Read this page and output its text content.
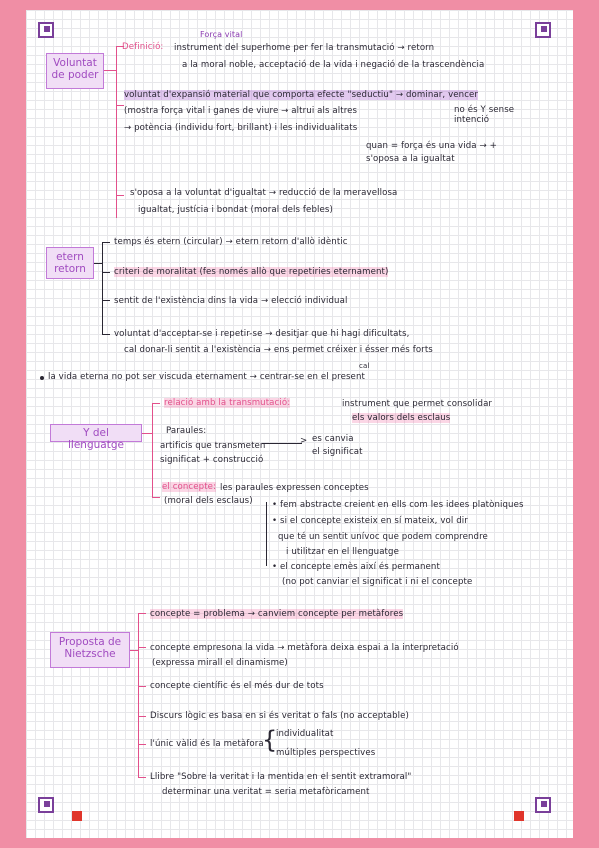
Voluntat de poder
Força vital
Definició: instrument del superhome per fer la transmutació → retorn
a la moral noble, acceptació de la vida i negació de la trascendència
voluntat d'expansió material que comporta efecte "seductiu" → dominar, vencer
(mostra força vital i ganes de viure → altrui als altres	no és Y sense intenció
→ potència (individu fort, brillant) i les individualitats
quan = força és una vida → +
s'oposa a la igualtat
s'oposa a la voluntat d'igualtat → reducció de la meravellosa
igualtat, justícia i bondat (moral dels febles)
etern retorn
temps és etern (circular) → etern retorn d'allò idèntic
criteri de moralitat (fes només allò que repetiries eternament)
sentit de l'existència dins la vida → elecció individual
voluntat d'acceptar-se i repetir-se → desitjar que hi hagi dificultats,
cal donar-li sentit a l'existència → ens permet créixer i ésser més forts
cal
la vida eterna no pot ser viscuda eternament → centrar-se en el present
Y del llenguatge
relació amb la transmutació:	instrument que permet consolidar
els valors dels esclaus
Paraules:
artificis que transmeten
significat + construcció
> es canvia
el significat
el concepte: les paraules expressen conceptes
(moral dels esclaus) • fem abstracte creient en ells com les idees platòniques
• si el concepte existeix en sí mateix, vol dir
que té un sentit unívoc que podem comprendre
i utilitzar en el llenguatge
• el concepte emès així és permanent
(no pot canviar el significat i ni el concepte
Proposta de Nietzsche
concepte = problema → canviem concepte per metàfores
concepte empresona la vida → metàfora deixa espai a la interpretació
(expressa mirall el dinamisme)
concepte científic és el més dur de tots
Discurs lògic es basa en si és veritat o fals (no acceptable)
l'únic vàlid és la metàfora
{
individualitat
múltiples perspectives
Llibre "Sobre la veritat i la mentida en el sentit extramoral"
determinar una veritat = seria metafòricament
